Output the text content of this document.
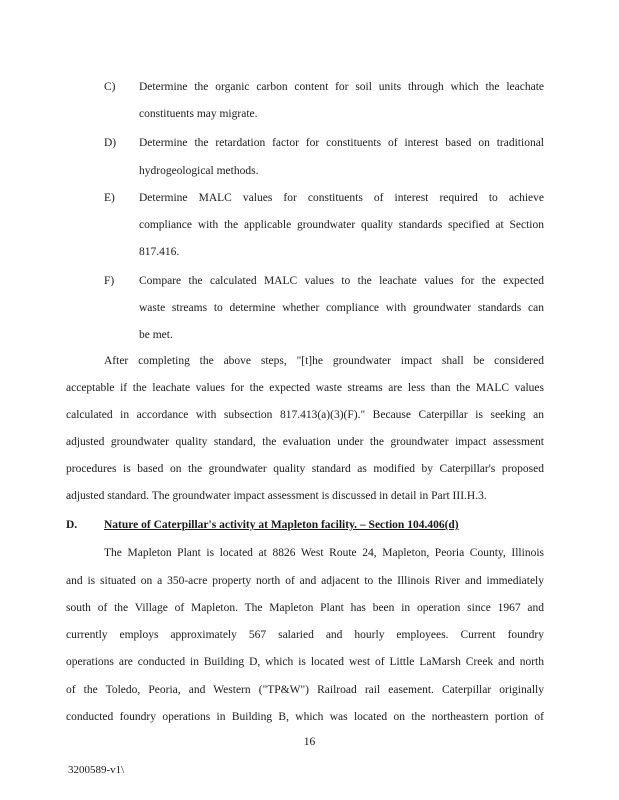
C) Determine the organic carbon content for soil units through which the leachate
constituents may migrate.
D) Determine the retardation factor for constituents of interest based on traditional
hydrogeological methods.
E) Determine MALC values for constituents of interest required to achieve
compliance with the applicable groundwater quality standards specified at Section
817.416.
F) Compare the calculated MALC values to the leachate values for the expected
waste streams to determine whether compliance with groundwater standards can
be met.
After completing the above steps, "[t]he groundwater impact shall be considered
acceptable if the leachate values for the expected waste streams are less than the MALC values
calculated in accordance with subsection 817.413(a)(3)(F)." Because Caterpillar is seeking an
adjusted groundwater quality standard, the evaluation under the groundwater impact assessment
procedures is based on the groundwater quality standard as modified by Caterpillar's proposed
adjusted standard. The groundwater impact assessment is discussed in detail in Part III.H.3.
D. Nature of Caterpillar's activity at Mapleton facility. – Section 104.406(d)
The Mapleton Plant is located at 8826 West Route 24, Mapleton, Peoria County, Illinois
and is situated on a 350-acre property north of and adjacent to the Illinois River and immediately
south of the Village of Mapleton. The Mapleton Plant has been in operation since 1967 and
currently employs approximately 567 salaried and hourly employees. Current foundry
operations are conducted in Building D, which is located west of Little LaMarsh Creek and north
of the Toledo, Peoria, and Western ("TP&W") Railroad rail easement. Caterpillar originally
conducted foundry operations in Building B, which was located on the northeastern portion of
16
3200589-v1\
